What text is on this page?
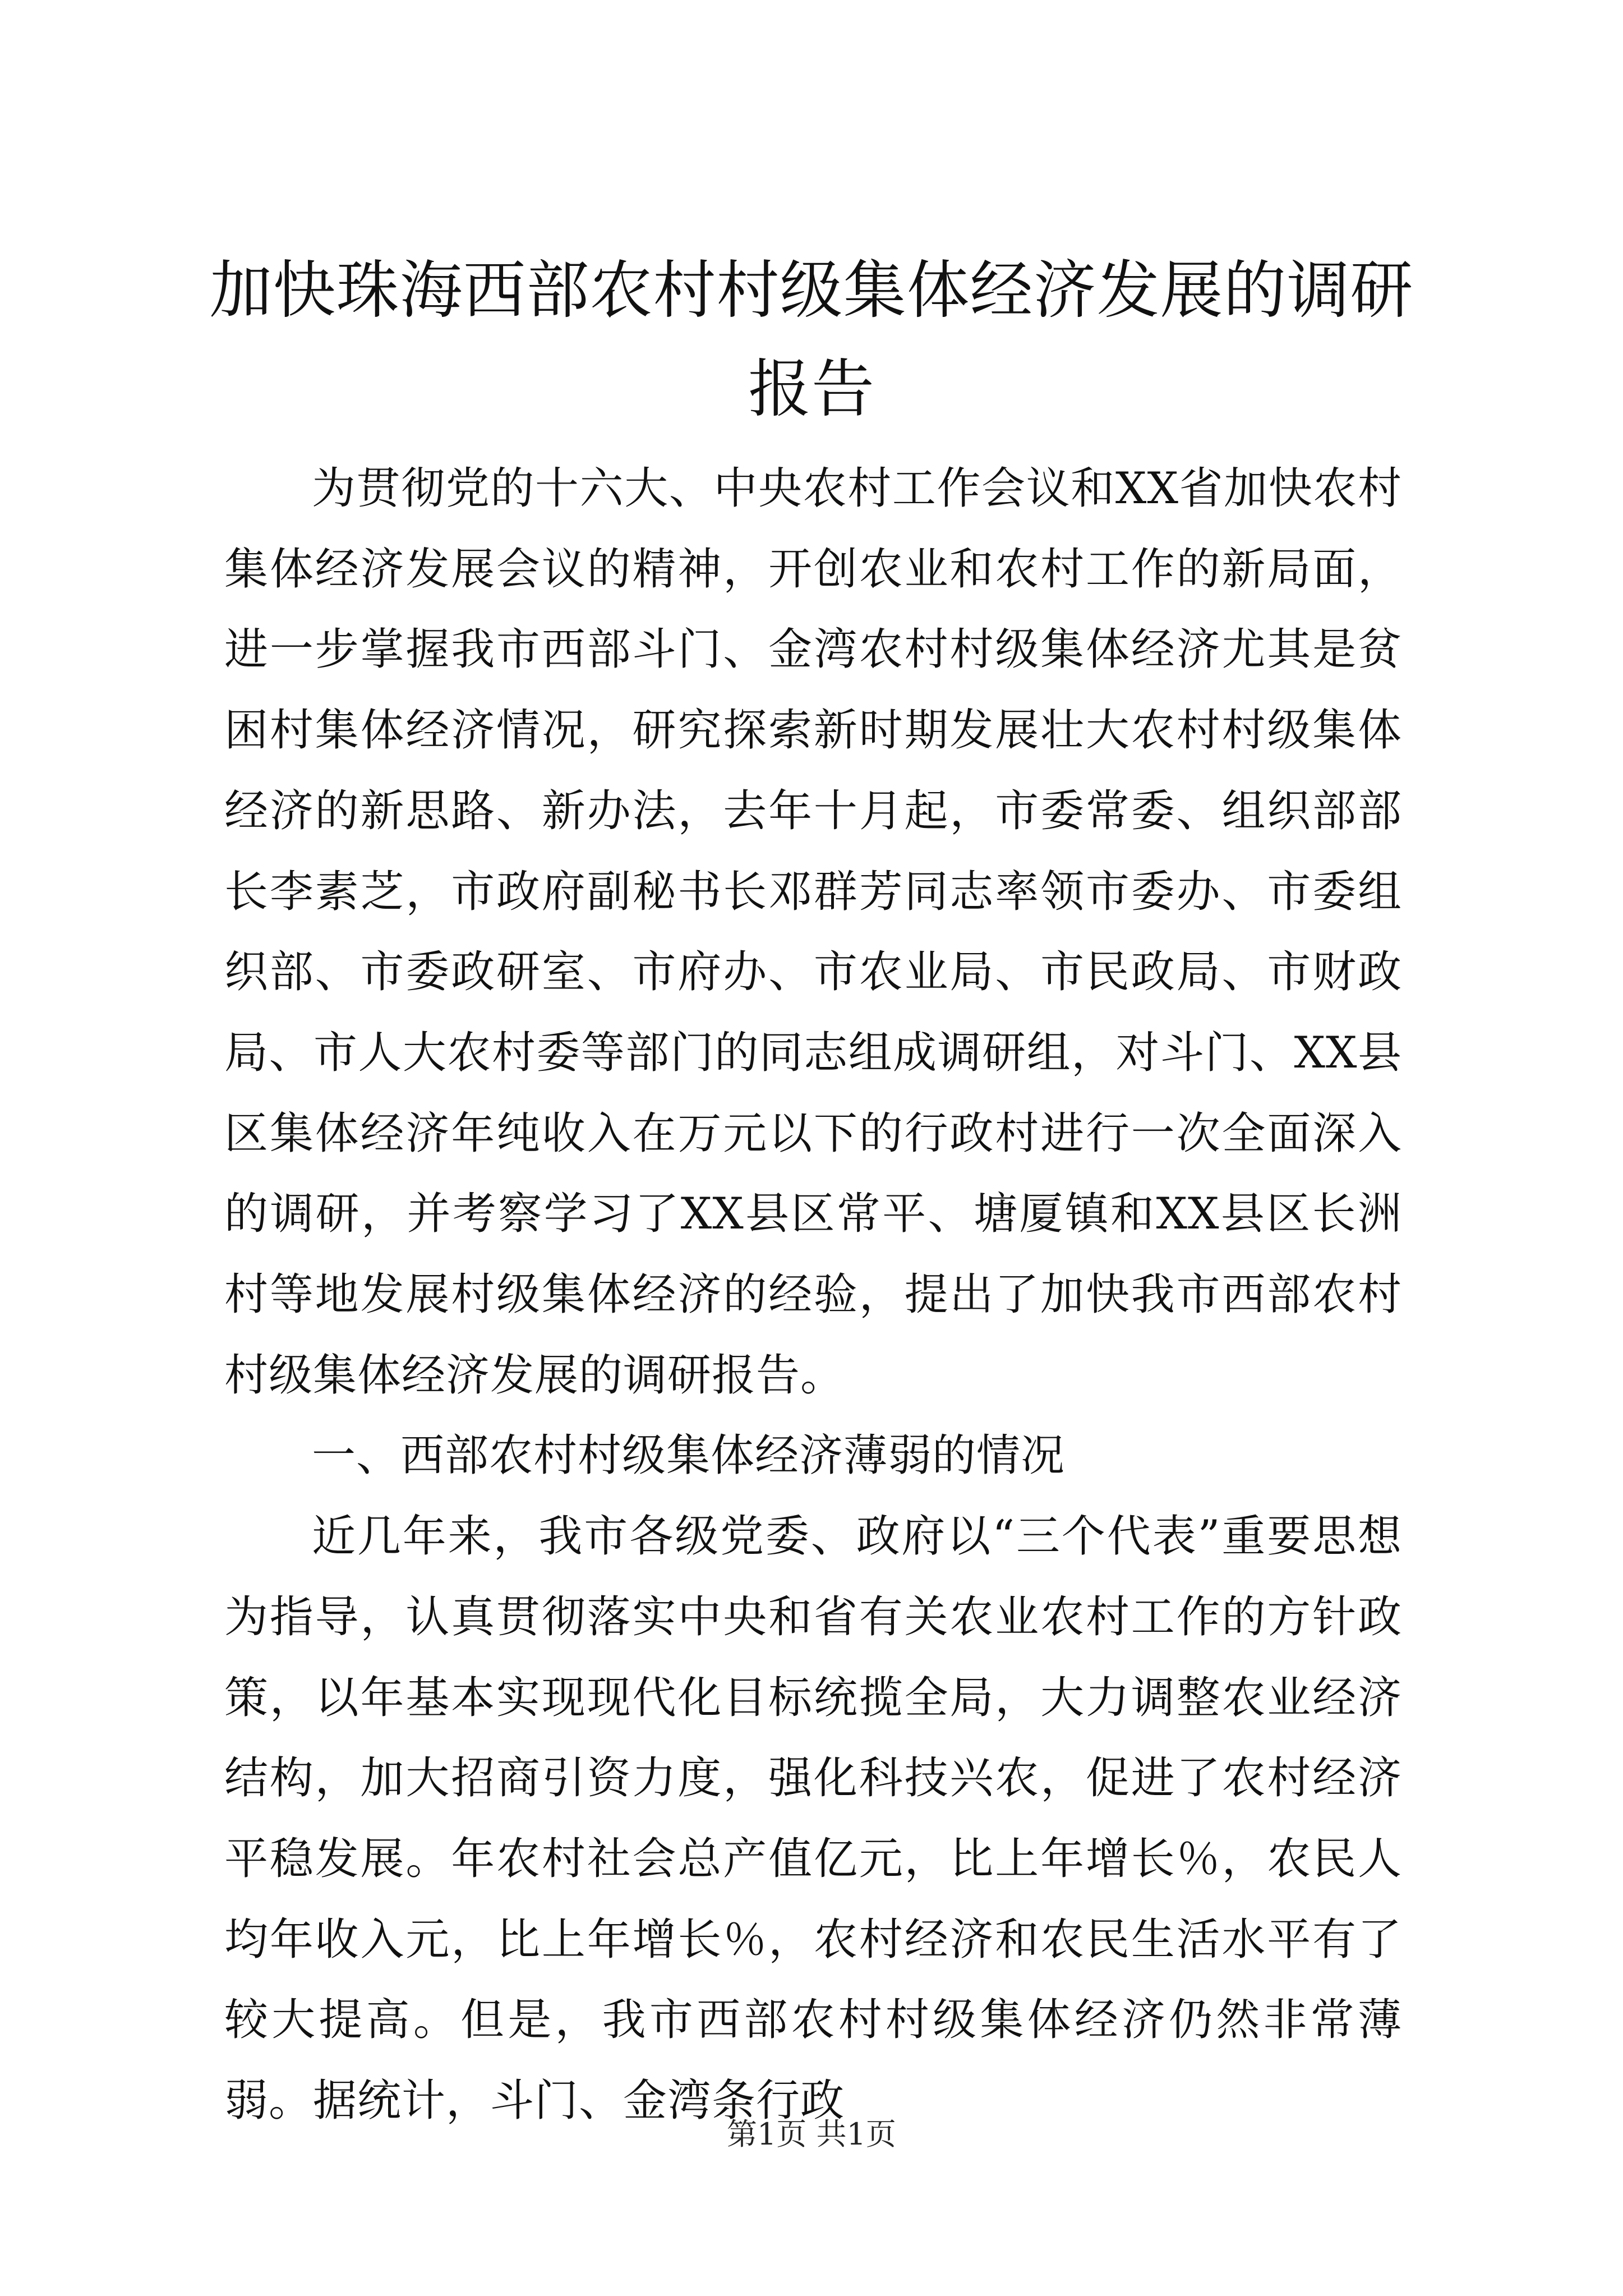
加快珠海西部农村村级集体经济发展的调研报告

为贯彻党的十六大、中央农村工作会议和XX省加快农村集体经济发展会议的精神，开创农业和农村工作的新局面，进一步掌握我市西部斗门、金湾农村村级集体经济尤其是贫困村集体经济情况，研究探索新时期发展壮大农村村级集体经济的新思路、新办法，去年十月起，市委常委、组织部部长李素芝，市政府副秘书长邓群芳同志率领市委办、市委组织部、市委政研室、市府办、市农业局、市民政局、市财政局、市人大农村委等部门的同志组成调研组，对斗门、XX县区集体经济年纯收入在万元以下的行政村进行一次全面深入的调研，并考察学习了XX县区常平、塘厦镇和XX县区长洲村等地发展村级集体经济的经验，提出了加快我市西部农村村级集体经济发展的调研报告。

一、西部农村村级集体经济薄弱的情况

近几年来，我市各级党委、政府以“三个代表”重要思想为指导，认真贯彻落实中央和省有关农业农村工作的方针政策，以年基本实现现代化目标统揽全局，大力调整农业经济结构，加大招商引资力度，强化科技兴农，促进了农村经济平稳发展。年农村社会总产值亿元，比上年增长％，农民人均年收入元，比上年增长％，农村经济和农民生活水平有了较大提高。但是，我市西部农村村级集体经济仍然非常薄弱。据统计，斗门、金湾条行政

第1页 共1页
